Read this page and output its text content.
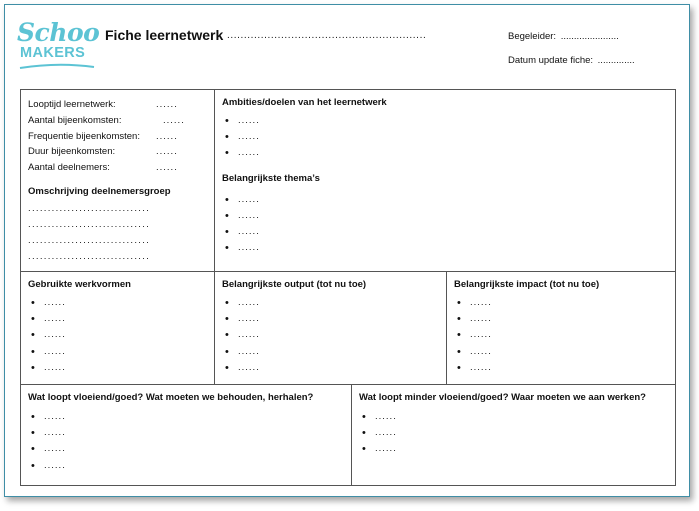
Schoo
MAKERS
Fiche leernetwerk ...........................................................	Begeleider: ......................
Datum update fiche: ..............
Looptijd leernetwerk:	......
Aantal bijeenkomsten:	......
Frequentie bijeenkomsten:	......
Duur bijeenkomsten:	......
Aantal deelnemers:	......
Omschrijving deelnemersgroep
...............................
...............................
...............................
...............................
Ambities/doelen van het leernetwerk
• ......
• ......
• ......
Belangrijkste thema’s
• ......
• ......
• ......
• ......
Gebruikte werkvormen
• ......
• ......
• ......
• ......
• ......
Belangrijkste output (tot nu toe)
• ......
• ......
• ......
• ......
• ......
Belangrijkste impact (tot nu toe)
• ......
• ......
• ......
• ......
• ......
Wat loopt vloeiend/goed? Wat moeten we behouden, herhalen?
• ......
• ......
• ......
• ......
Wat loopt minder vloeiend/goed? Waar moeten we aan werken?
• ......
• ......
• ......
